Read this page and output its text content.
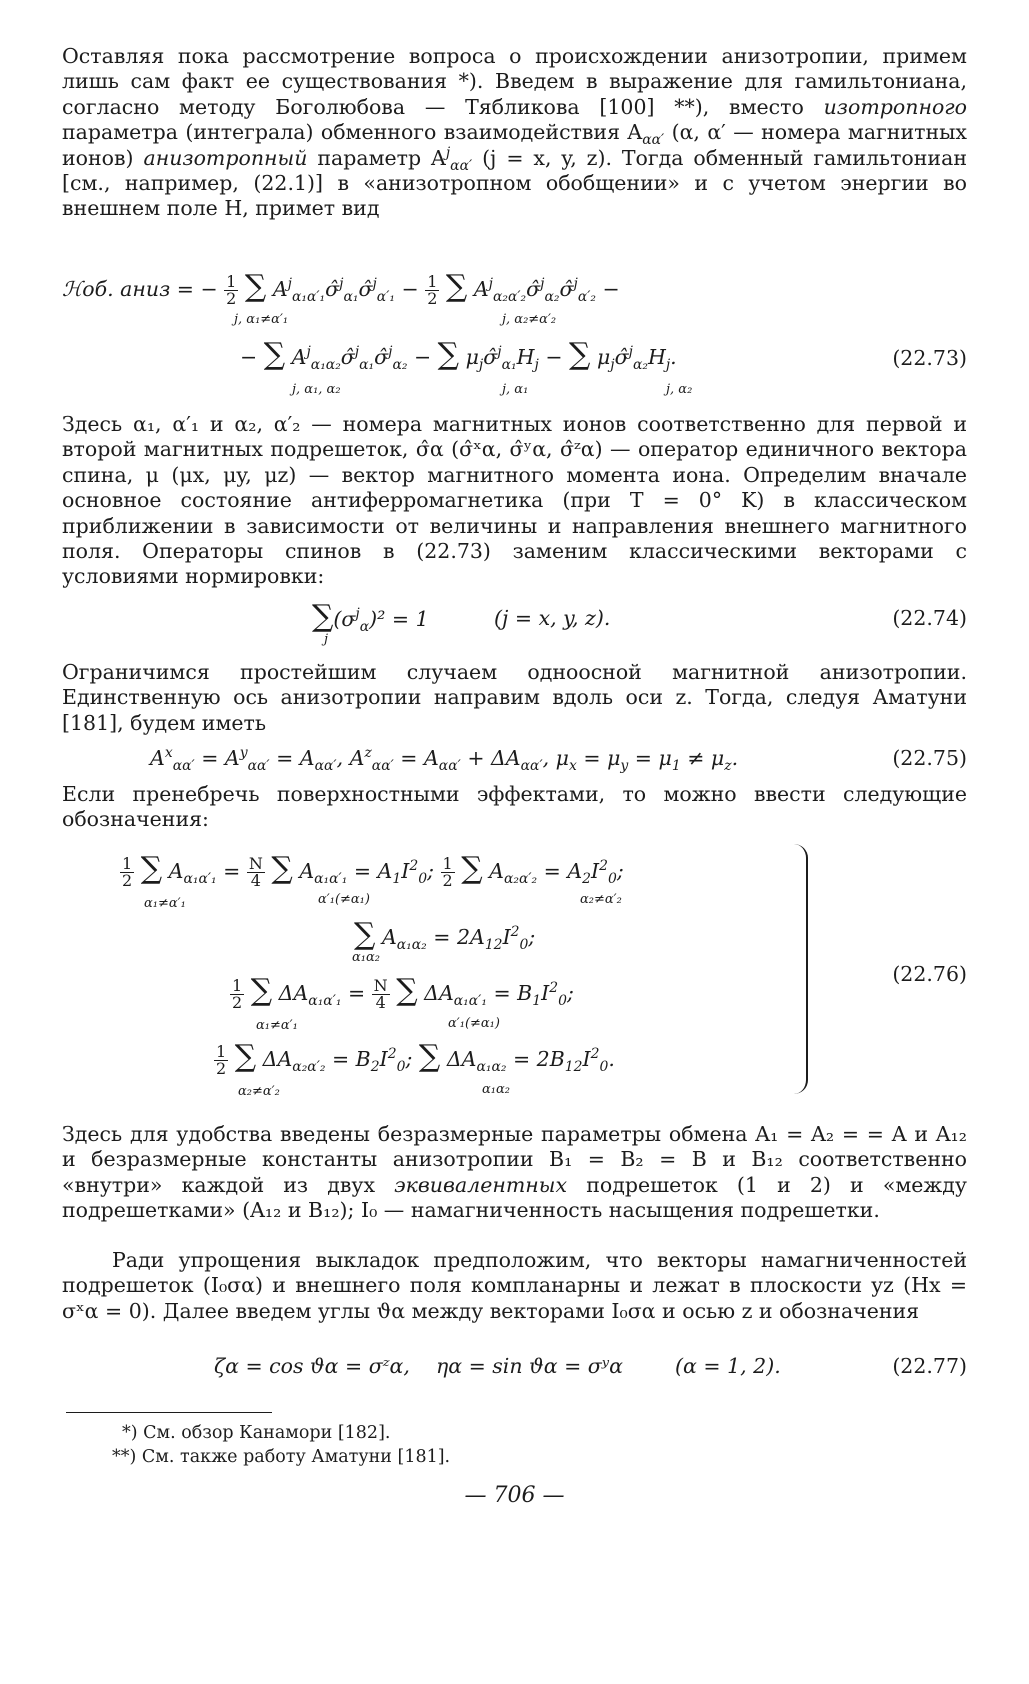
Оставляя пока рассмотрение вопроса о происхождении анизотропии, примем лишь сам факт ее существования *). Введем в выражение для гамильтониана, согласно методу Боголюбова — Тябликова [100] **), вместо изотропного параметра (интеграла) обменного взаимодействия $A_{\alpha\alpha'}$ (α, α′ — номера магнитных ионов) анизотропный параметр $A^j_{\alpha\alpha'}$ (j = x, y, z). Тогда обменный гамильтониан [см., например, (22.1)] в «анизотропном обобщении» и с учетом энергии во внешнем поле H, примет вид

ℋоб. аниз = − $\frac{1}{2}$ ∑ $A^j_{\alpha_1\alpha'_1}\sigmâ^j_{\alpha_1}\sigmâ^j_{\alpha'_1} - \frac{1}{2}$ ∑ $A^j_{\alpha_2\alpha'_2}\sigmâ^j_{\alpha_2}\sigmâ^j_{\alpha'_2}$ −
j, α₁≠α′₁	j, α₂≠α′₂
− ∑ $A^j_{\alpha_1\alpha_2}\sigmâ^j_{\alpha_1}\sigmâ^j_{\alpha_2}$ − ∑ $\mu_j\sigmâ^j_{\alpha_1}H_j$ − ∑ $\mu_j\sigmâ^j_{\alpha_2}H_j$.
j, α₁, α₂	j, α₁	j, α₂
(22.73)

Здесь α₁, α′₁ и α₂, α′₂ — номера магнитных ионов соответственно для первой и второй магнитных подрешеток, σ̂α (σ̂ˣα, σ̂ʸα, σ̂ᶻα) — оператор единичного вектора спина, μ (μx, μy, μz) — вектор магнитного момента иона. Определим вначале основное состояние антиферромагнетика (при T = 0° K) в классическом приближении в зависимости от величины и направления внешнего магнитного поля. Операторы спинов в (22.73) заменим классическими векторами с условиями нормировки:

$\sum(\sigma^j_\alpha)^2 = 1$
j
(j = x, y, z).	(22.74)

Ограничимся простейшим случаем одноосной магнитной анизотропии. Единственную ось анизотропии направим вдоль оси z. Тогда, следуя Аматуни [181], будем иметь

$A^x_{\alpha\alpha'} = A^y_{\alpha\alpha'} = A_{\alpha\alpha'}$, $A^z_{\alpha\alpha'} = A_{\alpha\alpha'} + \Delta A_{\alpha\alpha'}$, $\mu_x = \mu_y = \mu_1 \ne \mu_z$.	(22.75)

Если пренебречь поверхностными эффектами, то можно ввести следующие обозначения:

$\frac{1}{2}$ ∑ $A_{\alpha_1\alpha'_1} = \frac{N}{4}$ ∑ $A_{\alpha_1\alpha'_1} = A_1I^2_0$; $\frac{1}{2}$ ∑ $A_{\alpha_2\alpha'_2} = A_2I^2_0$;
α₁≠α′₁	α′₁(≠α₁)	α₂≠α′₂
∑ $A_{\alpha_1\alpha_2} = 2A_{12}I^2_0$;
α₁α₂
$\frac{1}{2}$ ∑ $\Delta A_{\alpha_1\alpha'_1} = \frac{N}{4}$ ∑ $\Delta A_{\alpha_1\alpha'_1} = B_1I^2_0$;
α₁≠α′₁	α′₁(≠α₁)
$\frac{1}{2}$ ∑ $\Delta A_{\alpha_2\alpha'_2} = B_2I^2_0$; ∑ $\Delta A_{\alpha_1\alpha_2} = 2B_{12}I^2_0$.
α₂≠α′₂	α₁α₂
(22.76)

Здесь для удобства введены безразмерные параметры обмена A₁ = A₂ = = A и A₁₂ и безразмерные константы анизотропии B₁ = B₂ = B и B₁₂ соответственно «внутри» каждой из двух эквивалентных подрешеток (1 и 2) и «между подрешетками» (A₁₂ и B₁₂); I₀ — намагниченность насыщения подрешетки.

Ради упрощения выкладок предположим, что векторы намагниченностей подрешеток (I₀σα) и внешнего поля компланарны и лежат в плоскости yz (Hx = σˣα = 0). Далее введем углы ϑα между векторами I₀σα и осью z и обозначения

ζα = cos ϑα = σᶻα,    ηα = sin ϑα = σʸα        (α = 1, 2).	(22.77)
*) См. обзор Канамори [182].
**) См. также работу Аматуни [181].
— 706 —
